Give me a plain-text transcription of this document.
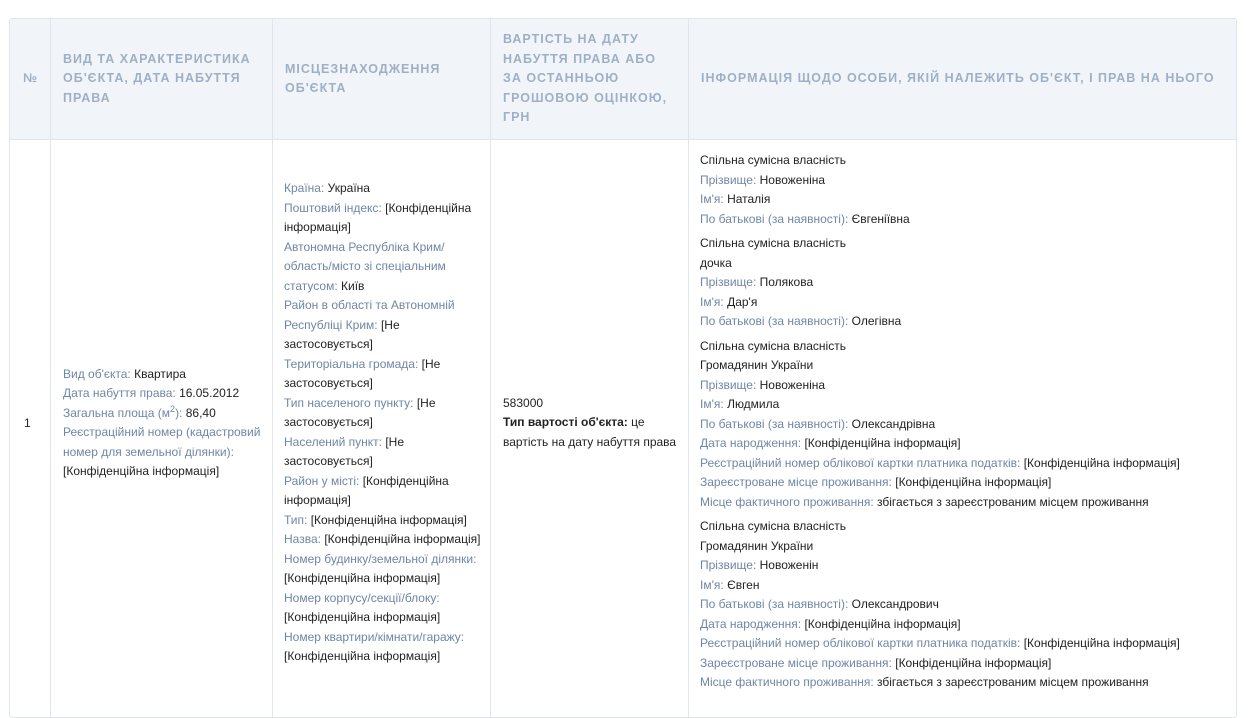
№
ВИД ТА ХАРАКТЕРИСТИКА ОБ'ЄКТА, ДАТА НАБУТТЯ ПРАВА
МІСЦЕЗНАХОДЖЕННЯ ОБ'ЄКТА
ВАРТІСТЬ НА ДАТУ НАБУТТЯ ПРАВА АБО ЗА ОСТАННЬОЮ ГРОШОВОЮ ОЦІНКОЮ, ГРН
ІНФОРМАЦІЯ ЩОДО ОСОБИ, ЯКІЙ НАЛЕЖИТЬ ОБ'ЄКТ, І ПРАВ НА НЬОГО
1
Вид об'єкта: Квартира
Дата набуття права: 16.05.2012
Загальна площа $(м^2)$: 86,40
Реєстраційний номер (кадастровий номер для земельної ділянки): [Конфіденційна інформація]
Країна: Україна
Поштовий індекс: [Конфіденційна інформація]
Автономна Республіка Крим/ область/місто зі спеціальним статусом: Київ
Район в області та Автономній Республіці Крим: [Не застосовується]
Територіальна громада: [Не застосовується]
Тип населеного пункту: [Не застосовується]
Населений пункт: [Не застосовується]
Район у місті: [Конфіденційна інформація]
Тип: [Конфіденційна інформація]
Назва: [Конфіденційна інформація]
Номер будинку/земельної ділянки: [Конфіденційна інформація]
Номер корпусу/секції/блоку: [Конфіденційна інформація]
Номер квартири/кімнати/гаражу: [Конфіденційна інформація]
583000
Тип вартості об'єкта: це вартість на дату набуття права
Спільна сумісна власність
Прізвище: Новоженіна
Ім'я: Наталія
По батькові (за наявності): Євгеніївна
Спільна сумісна власність
дочка
Прізвище: Полякова
Ім'я: Дар'я
По батькові (за наявності): Олегівна
Спільна сумісна власність
Громадянин України
Прізвище: Новоженіна
Ім'я: Людмила
По батькові (за наявності): Олександрівна
Дата народження: [Конфіденційна інформація]
Реєстраційний номер облікової картки платника податків: [Конфіденційна інформація]
Зареєстроване місце проживання: [Конфіденційна інформація]
Місце фактичного проживання: збігається з зареєстрованим місцем проживання
Спільна сумісна власність
Громадянин України
Прізвище: Новоженін
Ім'я: Євген
По батькові (за наявності): Олександрович
Дата народження: [Конфіденційна інформація]
Реєстраційний номер облікової картки платника податків: [Конфіденційна інформація]
Зареєстроване місце проживання: [Конфіденційна інформація]
Місце фактичного проживання: збігається з зареєстрованим місцем проживання
